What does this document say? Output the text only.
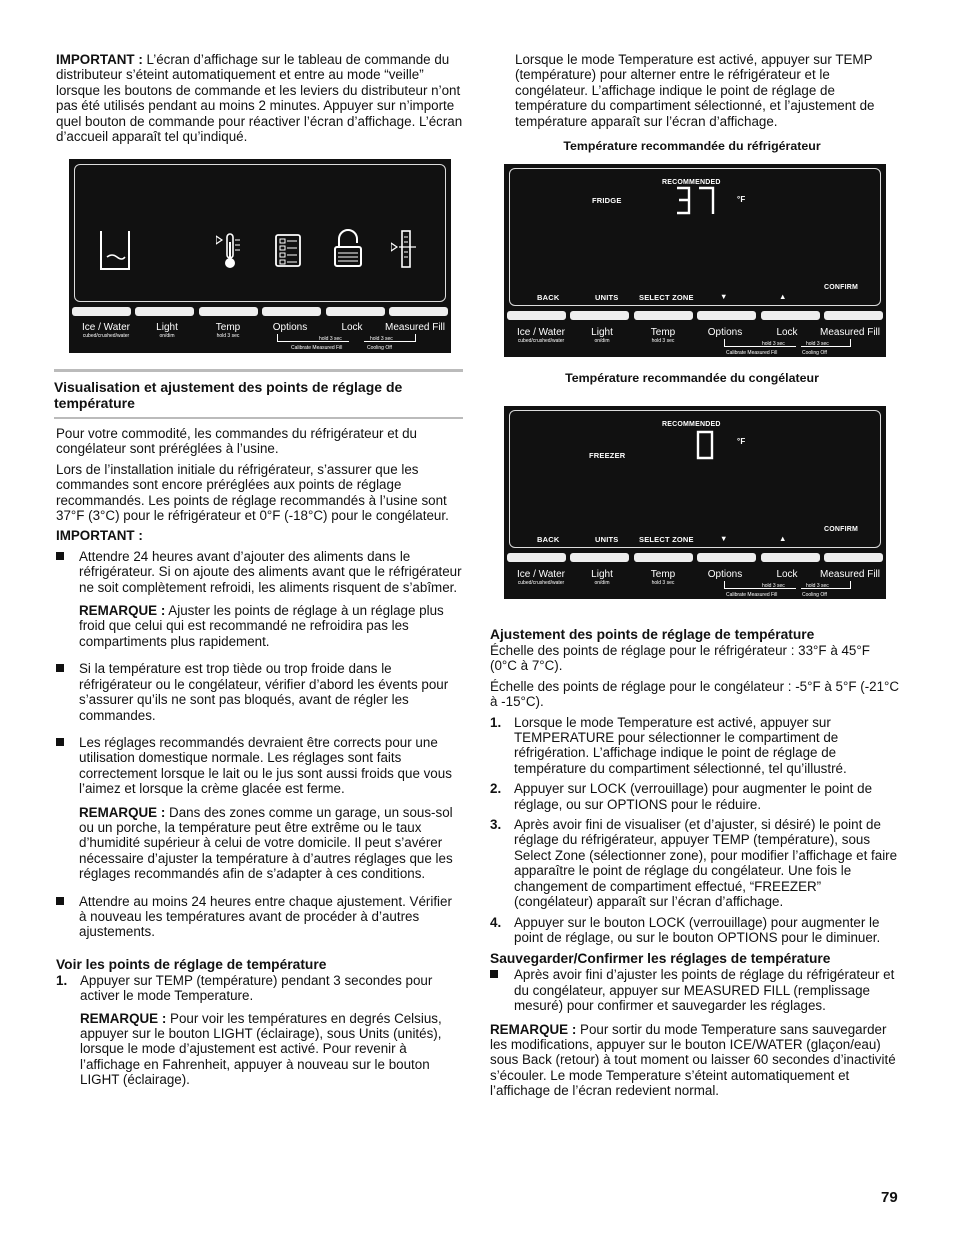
IMPORTANT : L’écran d’affichage sur le tableau de commande du distributeur s’éteint automatiquement et entre au mode “veille” lorsque les boutons de commande et les leviers du distributeur n’ont pas été utilisés pendant au moins 2 minutes. Appuyer sur n’importe quel bouton de commande pour réactiver l’écran d’affichage. L’écran d’accueil apparaît tel qu’indiqué.

Ice / Water
cubed/crushed/water
Light
on/dim
Temp
hold 3 sec
Options	Lock	Measured Fill
hold 3 sec	hold 3 sec
Calibrate Measured Fill	Cooling Off
Visualisation et ajustement des points de réglage de température

Pour votre commodité, les commandes du réfrigérateur et du congélateur sont préréglées à l’usine.

Lors de l’installation initiale du réfrigérateur, s’assurer que les commandes sont encore préréglées aux points de réglage recommandés. Les points de réglage recommandés à l’usine sont 37°F (3°C) pour le réfrigérateur et 0°F (-18°C) pour le congélateur.

IMPORTANT :

Attendre 24 heures avant d’ajouter des aliments dans le réfrigérateur. Si on ajoute des aliments avant que le réfrigérateur ne soit complètement refroidi, les aliments risquent de s’abîmer.

REMARQUE : Ajuster les points de réglage à un réglage plus froid que celui qui est recommandé ne refroidira pas les compartiments plus rapidement.

Si la température est trop tiède ou trop froide dans le réfrigérateur ou le congélateur, vérifier d’abord les évents pour s’assurer qu’ils ne sont pas bloqués, avant de régler les commandes.
Les réglages recommandés devraient être corrects pour une utilisation domestique normale. Les réglages sont faits correctement lorsque le lait ou le jus sont aussi froids que vous l’aimez et lorsque la crème glacée est ferme.

REMARQUE : Dans des zones comme un garage, un sous-sol ou un porche, la température peut être extrême ou le taux d’humidité supérieur à celui de votre domicile. Il peut s’avérer nécessaire d’ajuster la température à d’autres réglages que les réglages recommandés afin de s’adapter à ces conditions.

Attendre au moins 24 heures entre chaque ajustement. Vérifier à nouveau les températures avant de procéder à d’autres ajustements.
Voir les points de réglage de température
1. Appuyer sur TEMP (température) pendant 3 secondes pour activer le mode Temperature.

REMARQUE : Pour voir les températures en degrés Celsius, appuyer sur le bouton LIGHT (éclairage), sous Units (unités), lorsque le mode d’ajustement est activé. Pour revenir à l’affichage en Fahrenheit, appuyer à nouveau sur le bouton LIGHT (éclairage).

Lorsque le mode Temperature est activé, appuyer sur TEMP (température) pour alterner entre le réfrigérateur et le congélateur. L’affichage indique le point de réglage de température du compartiment sélectionné, et l’ajustement de température apparaît sur l’écran d’affichage.

Température recommandée du réfrigérateur

Température recommandée du congélateur

RECOMMENDED
FRIDGE	°F
BACK	UNITS	SELECT ZONE	▼	▲
CONFIRM
Ice / Water
cubed/crushed/water
Light
on/dim
Temp
hold 3 sec
Options	Lock	Measured Fill
hold 3 sec	hold 3 sec
Calibrate Measured Fill	Cooling Off
RECOMMENDED
FREEZER
°F
BACK	UNITS	SELECT ZONE	▼	▲
CONFIRM
Ice / Water
cubed/crushed/water
Light
on/dim
Temp
hold 3 sec
Options	Lock	Measured Fill
hold 3 sec	hold 3 sec
Calibrate Measured Fill	Cooling Off
Ajustement des points de réglage de température

Échelle des points de réglage pour le réfrigérateur : 33°F à 45°F (0°C à 7°C).

Échelle des points de réglage pour le congélateur : -5°F à 5°F (-21°C à -15°C).

1. Lorsque le mode Temperature est activé, appuyer sur TEMPERATURE pour sélectionner le compartiment de réfrigération. L’affichage indique le point de réglage de température du compartiment sélectionné, tel qu’illustré.
2. Appuyer sur LOCK (verrouillage) pour augmenter le point de réglage, ou sur OPTIONS pour le réduire.
3. Après avoir fini de visualiser (et d’ajuster, si désiré) le point de réglage du réfrigérateur, appuyer TEMP (température), sous Select Zone (sélectionner zone), pour modifier l’affichage et faire apparaître le point de réglage du congélateur. Une fois le changement de compartiment effectué, “FREEZER” (congélateur) apparaît sur l’écran d’affichage.
4. Appuyer sur le bouton LOCK (verrouillage) pour augmenter le point de réglage, ou sur le bouton OPTIONS pour le diminuer.
Sauvegarder/Confirmer les réglages de température
Après avoir fini d’ajuster les points de réglage du réfrigérateur et du congélateur, appuyer sur MEASURED FILL (remplissage mesuré) pour confirmer et sauvegarder les réglages.

REMARQUE : Pour sortir du mode Temperature sans sauvegarder les modifications, appuyer sur le bouton ICE/WATER (glaçon/eau) sous Back (retour) à tout moment ou laisser 60 secondes d’inactivité s’écouler. Le mode Temperature s’éteint automatiquement et l’affichage de l’écran redevient normal.

79
